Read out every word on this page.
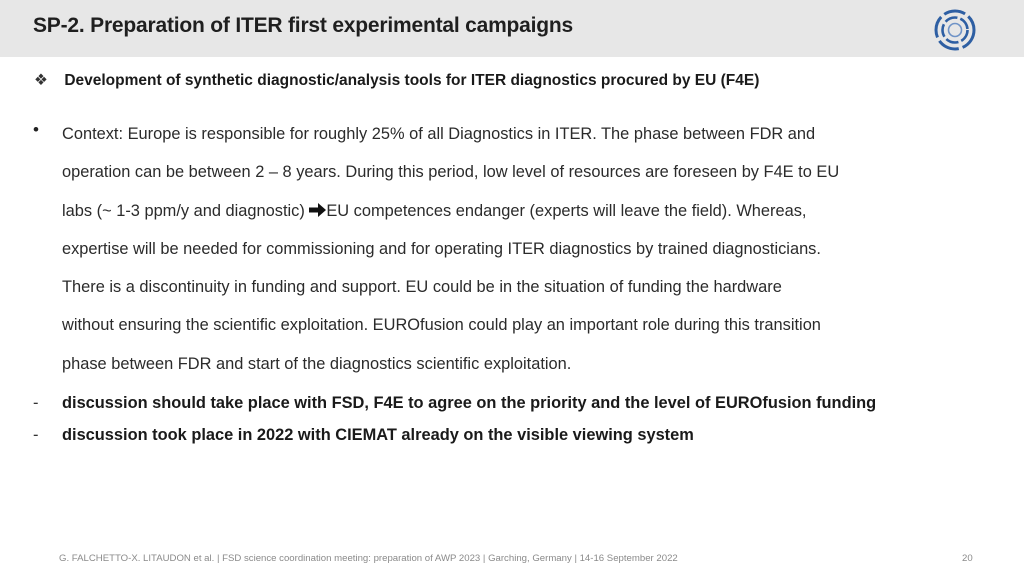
SP-2. Preparation of ITER first experimental campaigns
❖ Development of synthetic diagnostic/analysis tools for ITER diagnostics procured by EU (F4E)
• Context: Europe is responsible for roughly 25% of all Diagnostics in ITER. The phase between FDR and
operation can be between 2 – 8 years. During this period, low level of resources are foreseen by F4E to EU
labs (~ 1-3 ppm/y and diagnostic) EU competences endanger (experts will leave the field). Whereas,
expertise will be needed for commissioning and for operating ITER diagnostics by trained diagnosticians.
There is a discontinuity in funding and support. EU could be in the situation of funding the hardware
without ensuring the scientific exploitation. EUROfusion could play an important role during this transition
phase between FDR and start of the diagnostics scientific exploitation.
- discussion should take place with FSD, F4E to agree on the priority and the level of EUROfusion funding
- discussion took place in 2022 with CIEMAT already on the visible viewing system
G. FALCHETTO-X. LITAUDON et al. | FSD science coordination meeting: preparation of AWP 2023 | Garching, Germany | 14-16 September 2022	20
